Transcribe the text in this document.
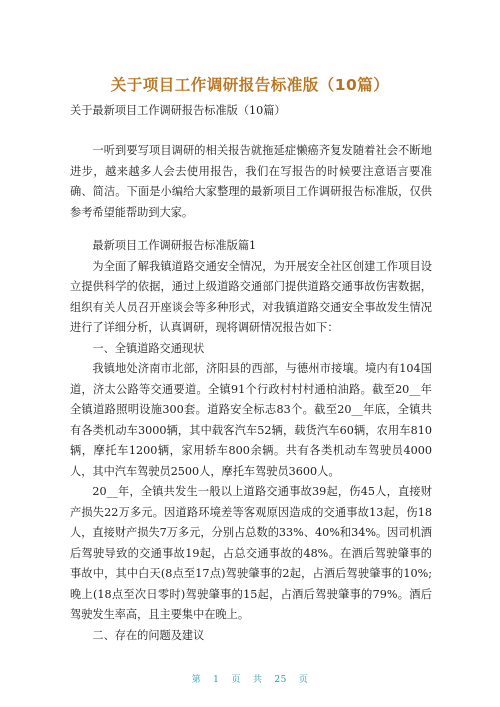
关于项目工作调研报告标准版（10篇）
关于最新项目工作调研报告标准版（10篇）

一听到要写项目调研的相关报告就拖延症懒癌齐复发随着社会不断地进步，越来越多人会去使用报告，我们在写报告的时候要注意语言要准确、简洁。下面是小编给大家整理的最新项目工作调研报告标准版，仅供参考希望能帮助到大家。

最新项目工作调研报告标准版篇1

为全面了解我镇道路交通安全情况，为开展安全社区创建工作项目设立提供科学的依据，通过上级道路交通部门提供道路交通事故伤害数据，组织有关人员召开座谈会等多种形式，对我镇道路交通安全事故发生情况进行了详细分析，认真调研，现将调研情况报告如下：

一、全镇道路交通现状

我镇地处济南市北部，济阳县的西部，与德州市接壤。境内有104国道，济太公路等交通要道。全镇91个行政村村村通柏油路。截至20__年全镇道路照明设施300套。道路安全标志83个。截至20__年底，全镇共有各类机动车3000辆，其中载客汽车52辆，载货汽车60辆，农用车810辆，摩托车1200辆，家用轿车800余辆。共有各类机动车驾驶员4000人，其中汽车驾驶员2500人，摩托车驾驶员3600人。

20__年，全镇共发生一般以上道路交通事故39起，伤45人，直接财产损失22万多元。因道路环境差等客观原因造成的交通事故13起，伤18人，直接财产损失7万多元，分别占总数的33%、40%和34%。因司机酒后驾驶导致的交通事故19起，占总交通事故的48%。在酒后驾驶肇事的事故中，其中白天(8点至17点)驾驶肇事的2起，占酒后驾驶肇事的10%;晚上(18点至次日零时)驾驶肇事的15起，占酒后驾驶肇事的79%。酒后驾驶发生率高，且主要集中在晚上。

二、存在的问题及建议

第 1 页 共 25 页
